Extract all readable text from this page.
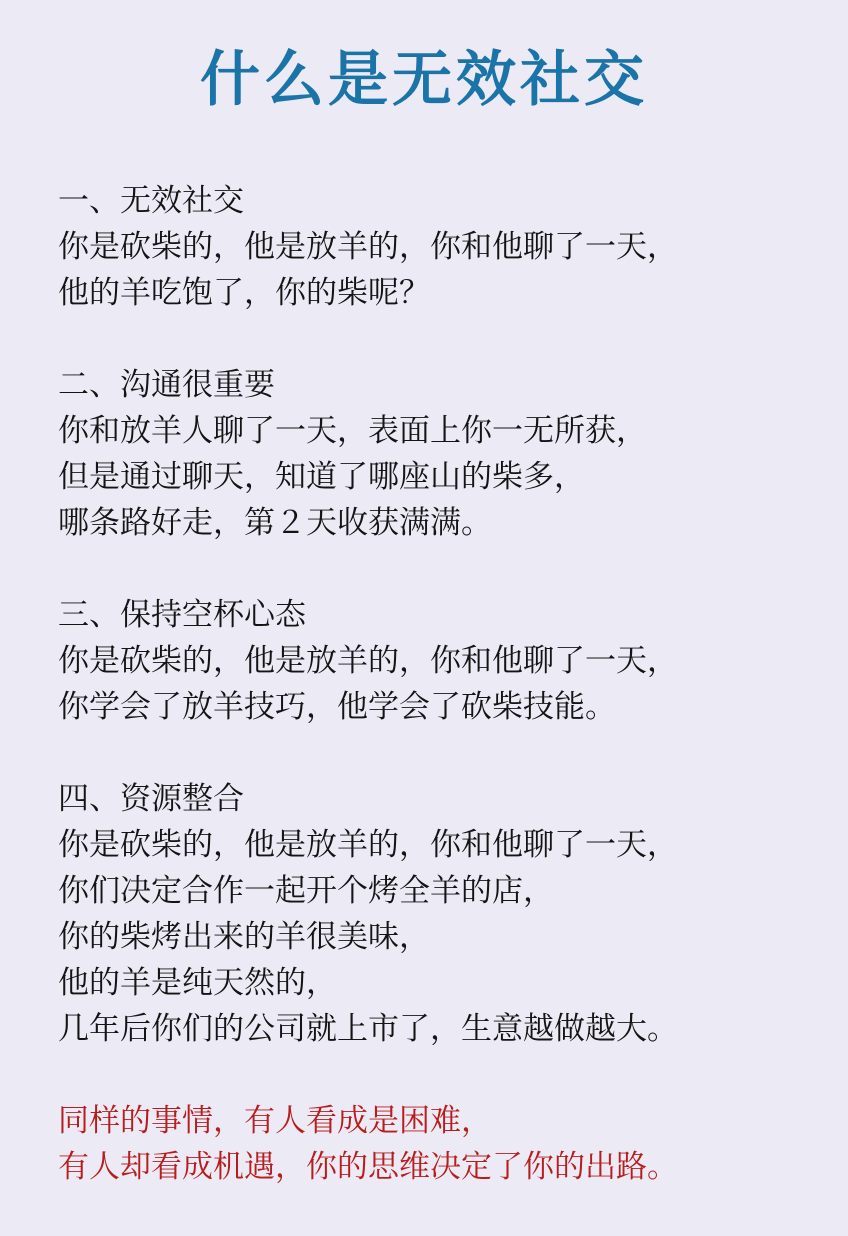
什么是无效社交
一、无效社交
你是砍柴的，他是放羊的，你和他聊了一天，
他的羊吃饱了，你的柴呢？
二、沟通很重要
你和放羊人聊了一天，表面上你一无所获，
但是通过聊天，知道了哪座山的柴多，
哪条路好走，第２天收获满满。
三、保持空杯心态
你是砍柴的，他是放羊的，你和他聊了一天，
你学会了放羊技巧，他学会了砍柴技能。
四、资源整合
你是砍柴的，他是放羊的，你和他聊了一天，
你们决定合作一起开个烤全羊的店，
你的柴烤出来的羊很美味，
他的羊是纯天然的，
几年后你们的公司就上市了，生意越做越大。
同样的事情，有人看成是困难，
有人却看成机遇，你的思维决定了你的出路。
